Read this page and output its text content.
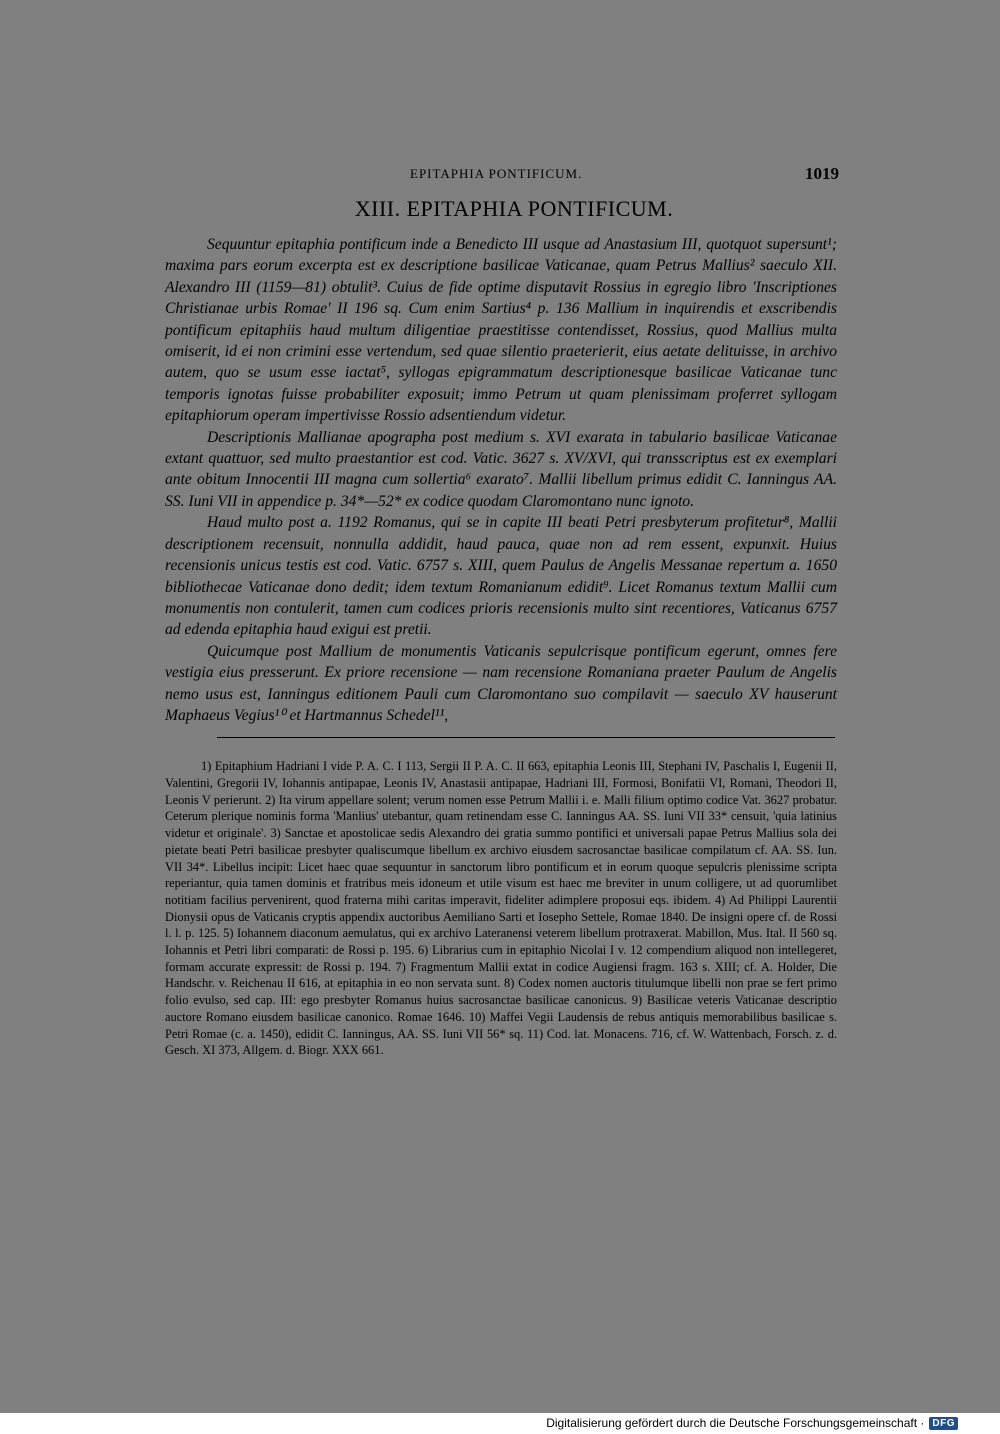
EPITAPHIA PONTIFICUM.	1019
XIII. EPITAPHIA PONTIFICUM.

Sequuntur epitaphia pontificum inde a Benedicto III usque ad Anastasium III, quotquot supersunt¹; maxima pars eorum excerpta est ex descriptione basilicae Vaticanae, quam Petrus Mallius² saeculo XII. Alexandro III (1159—81) obtulit³. Cuius de fide optime disputavit Rossius in egregio libro 'Inscriptiones Christianae urbis Romae' II 196 sq. Cum enim Sartius⁴ p. 136 Mallium in inquirendis et exscribendis pontificum epitaphiis haud multum diligentiae praestitisse contendisset, Rossius, quod Mallius multa omiserit, id ei non crimini esse vertendum, sed quae silentio praeterierit, eius aetate delituisse, in archivo autem, quo se usum esse iactat⁵, syllogas epigrammatum descriptionesque basilicae Vaticanae tunc temporis ignotas fuisse probabiliter exposuit; immo Petrum ut quam plenissimam proferret syllogam epitaphiorum operam impertivisse Rossio adsentiendum videtur.

Descriptionis Mallianae apographa post medium s. XVI exarata in tabulario basilicae Vaticanae extant quattuor, sed multo praestantior est cod. Vatic. 3627 s. XV/XVI, qui transscriptus est ex exemplari ante obitum Innocentii III magna cum sollertia⁶ exarato⁷. Mallii libellum primus edidit C. Ianningus AA. SS. Iuni VII in appendice p. 34*—52* ex codice quodam Claromontano nunc ignoto.

Haud multo post a. 1192 Romanus, qui se in capite III beati Petri presbyterum profitetur⁸, Mallii descriptionem recensuit, nonnulla addidit, haud pauca, quae non ad rem essent, expunxit. Huius recensionis unicus testis est cod. Vatic. 6757 s. XIII, quem Paulus de Angelis Messanae repertum a. 1650 bibliothecae Vaticanae dono dedit; idem textum Romanianum edidit⁹. Licet Romanus textum Mallii cum monumentis non contulerit, tamen cum codices prioris recensionis multo sint recentiores, Vaticanus 6757 ad edenda epitaphia haud exigui est pretii.

Quicumque post Mallium de monumentis Vaticanis sepulcrisque pontificum egerunt, omnes fere vestigia eius presserunt. Ex priore recensione — nam recensione Romaniana praeter Paulum de Angelis nemo usus est, Ianningus editionem Pauli cum Claromontano suo compilavit — saeculo XV hauserunt Maphaeus Vegius¹⁰ et Hartmannus Schedel¹¹,

1) Epitaphium Hadriani I vide P. A. C. I 113, Sergii II P. A. C. II 663, epitaphia Leonis III, Stephani IV, Paschalis I, Eugenii II, Valentini, Gregorii IV, Iohannis antipapae, Leonis IV, Anastasii antipapae, Hadriani III, Formosi, Bonifatii VI, Romani, Theodori II, Leonis V perierunt. 2) Ita virum appellare solent; verum nomen esse Petrum Mallii i. e. Malli filium optimo codice Vat. 3627 probatur. Ceterum plerique nominis forma 'Manlius' utebantur, quam retinendam esse C. Ianningus AA. SS. Iuni VII 33* censuit, 'quia latinius videtur et originale'. 3) Sanctae et apostolicae sedis Alexandro dei gratia summo pontifici et universali papae Petrus Mallius sola dei pietate beati Petri basilicae presbyter qualiscumque libellum ex archivo eiusdem sacrosanctae basilicae compilatum cf. AA. SS. Iun. VII 34*. Libellus incipit: Licet haec quae sequuntur in sanctorum libro pontificum et in eorum quoque sepulcris plenissime scripta reperiantur, quia tamen dominis et fratribus meis idoneum et utile visum est haec me breviter in unum colligere, ut ad quorumlibet notitiam facilius pervenirent, quod fraterna mihi caritas imperavit, fideliter adimplere proposui eqs. ibidem. 4) Ad Philippi Laurentii Dionysii opus de Vaticanis cryptis appendix auctoribus Aemiliano Sarti et Iosepho Settele, Romae 1840. De insigni opere cf. de Rossi l. l. p. 125. 5) Iohannem diaconum aemulatus, qui ex archivo Lateranensi veterem libellum protraxerat. Mabillon, Mus. Ital. II 560 sq. Iohannis et Petri libri comparati: de Rossi p. 195. 6) Librarius cum in epitaphio Nicolai I v. 12 compendium aliquod non intellegeret, formam accurate expressit: de Rossi p. 194. 7) Fragmentum Mallii extat in codice Augiensi fragm. 163 s. XIII; cf. A. Holder, Die Handschr. v. Reichenau II 616, at epitaphia in eo non servata sunt. 8) Codex nomen auctoris titulumque libelli non prae se fert primo folio evulso, sed cap. III: ego presbyter Romanus huius sacrosanctae basilicae canonicus. 9) Basilicae veteris Vaticanae descriptio auctore Romano eiusdem basilicae canonico. Romae 1646. 10) Maffei Vegii Laudensis de rebus antiquis memorabilibus basilicae s. Petri Romae (c. a. 1450), edidit C. Ianningus, AA. SS. Iuni VII 56* sq. 11) Cod. lat. Monacens. 716, cf. W. Wattenbach, Forsch. z. d. Gesch. XI 373, Allgem. d. Biogr. XXX 661.

Digitalisierung gefördert durch die Deutsche Forschungsgemeinschaft · DFG
